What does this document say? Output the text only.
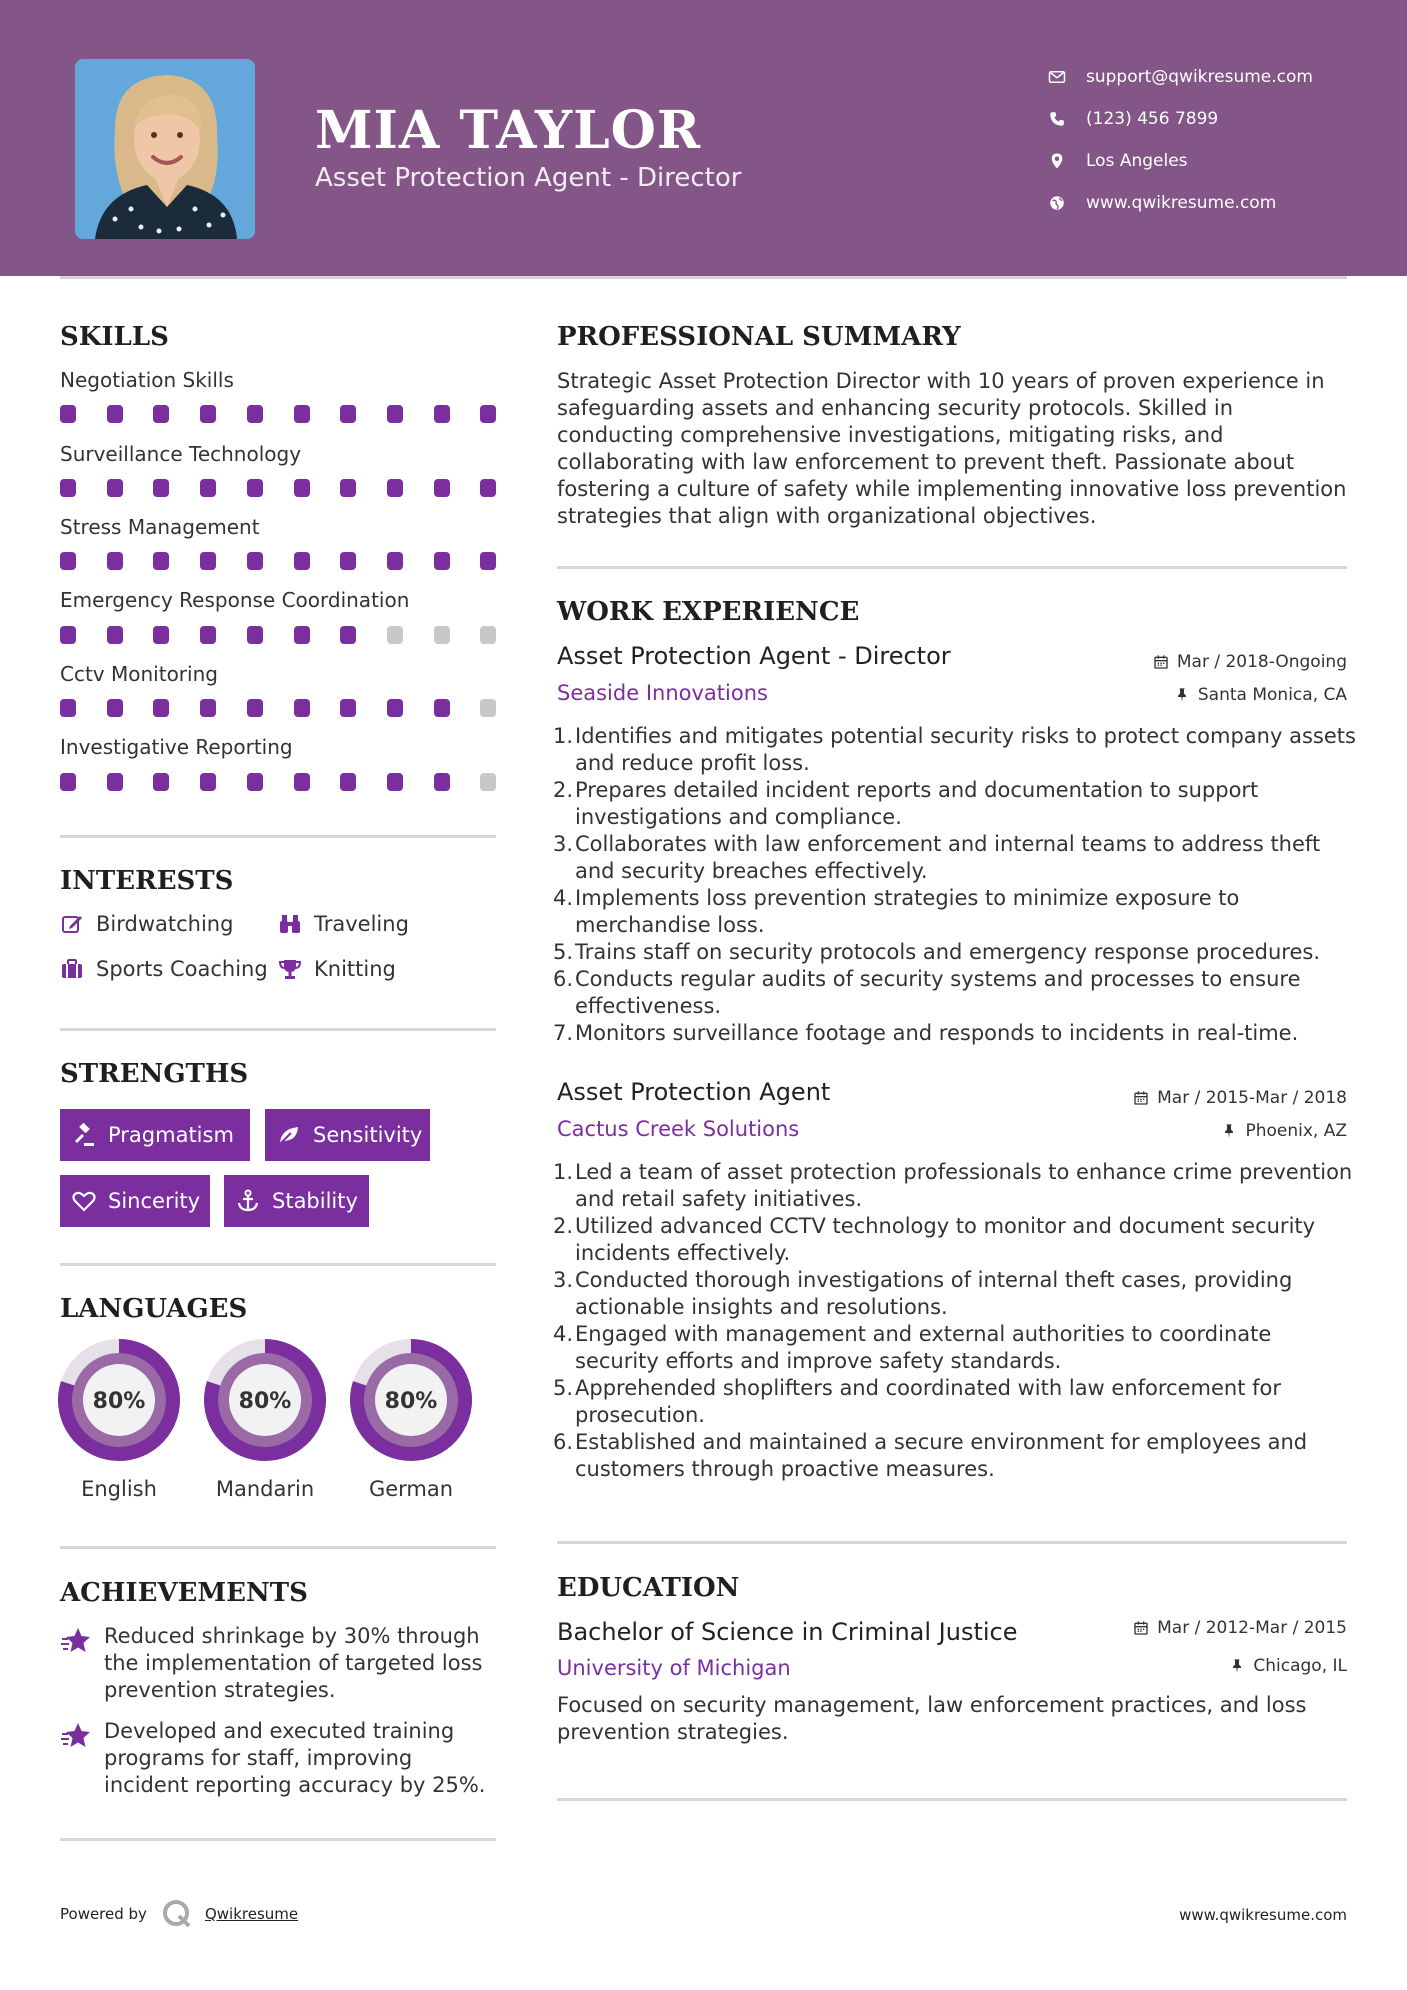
MIA TAYLOR
Asset Protection Agent - Director
support@qwikresume.com
(123) 456 7899
Los Angeles
www.qwikresume.com
SKILLS
Negotiation Skills
Surveillance Technology
Stress Management
Emergency Response Coordination
Cctv Monitoring
Investigative Reporting
INTERESTS
Birdwatching	Traveling
Sports Coaching Knitting
STRENGTHS
Pragmatism	Sensitivity
Sincerity	Stability
LANGUAGES
80%
English
80%
Mandarin
80%
German
ACHIEVEMENTS
Reduced shrinkage by 30% through the implementation of targeted loss prevention strategies.
Developed and executed training programs for staff, improving incident reporting accuracy by 25%.
PROFESSIONAL SUMMARY
Strategic Asset Protection Director with 10 years of proven experience in safeguarding assets and enhancing security protocols. Skilled in conducting comprehensive investigations, mitigating risks, and collaborating with law enforcement to prevent theft. Passionate about fostering a culture of safety while implementing innovative loss prevention strategies that align with organizational objectives.
WORK EXPERIENCE
Asset Protection Agent - Director	Mar / 2018-Ongoing
Seaside Innovations	Santa Monica, CA
1. Identifies and mitigates potential security risks to protect company assets and reduce profit loss.
2. Prepares detailed incident reports and documentation to support investigations and compliance.
3. Collaborates with law enforcement and internal teams to address theft and security breaches effectively.
4. Implements loss prevention strategies to minimize exposure to merchandise loss.
5. Trains staff on security protocols and emergency response procedures.
6. Conducts regular audits of security systems and processes to ensure effectiveness.
7. Monitors surveillance footage and responds to incidents in real-time.
Asset Protection Agent	Mar / 2015-Mar / 2018
Cactus Creek Solutions	Phoenix, AZ
1. Led a team of asset protection professionals to enhance crime prevention and retail safety initiatives.
2. Utilized advanced CCTV technology to monitor and document security incidents effectively.
3. Conducted thorough investigations of internal theft cases, providing actionable insights and resolutions.
4. Engaged with management and external authorities to coordinate security efforts and improve safety standards.
5. Apprehended shoplifters and coordinated with law enforcement for prosecution.
6. Established and maintained a secure environment for employees and customers through proactive measures.
EDUCATION
Bachelor of Science in Criminal Justice	Mar / 2012-Mar / 2015
University of Michigan	Chicago, IL
Focused on security management, law enforcement practices, and loss prevention strategies.
Powered by	Qwikresume	www.qwikresume.com
